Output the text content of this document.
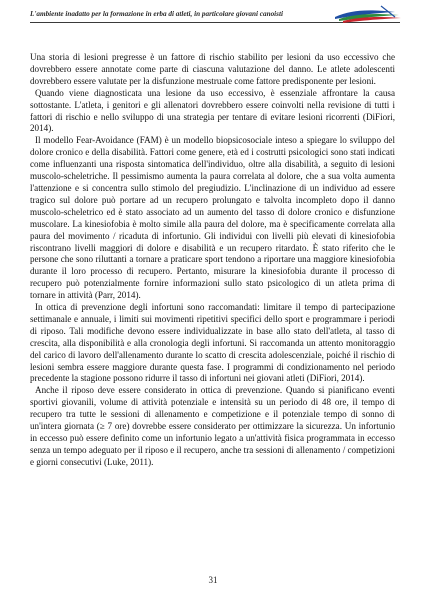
L'ambiente inadatto per la formazione in erba di atleti, in particolare giovani canoisti

Una storia di lesioni pregresse è un fattore di rischio stabilito per lesioni da uso eccessivo che dovrebbero essere annotate come parte di ciascuna valutazione del danno. Le atlete adolescenti dovrebbero essere valutate per la disfunzione mestruale come fattore predisponente per lesioni.

Quando viene diagnosticata una lesione da uso eccessivo, è essenziale affrontare la causa sottostante. L'atleta, i genitori e gli allenatori dovrebbero essere coinvolti nella revisione di tutti i fattori di rischio e nello sviluppo di una strategia per tentare di evitare lesioni ricorrenti (DiFiori, 2014).

Il modello Fear-Avoidance (FAM) è un modello biopsicosociale inteso a spiegare lo sviluppo del dolore cronico e della disabilità. Fattori come genere, età ed i costrutti psicologici sono stati indicati come influenzanti una risposta sintomatica dell'individuo, oltre alla disabilità, a seguito di lesioni muscolo-scheletriche. Il pessimismo aumenta la paura correlata al dolore, che a sua volta aumenta l'attenzione e si concentra sullo stimolo del pregiudizio. L'inclinazione di un individuo ad essere tragico sul dolore può portare ad un recupero prolungato e talvolta incompleto dopo il danno muscolo-scheletrico ed è stato associato ad un aumento del tasso di dolore cronico e disfunzione muscolare. La kinesiofobia è molto simile alla paura del dolore, ma è specificamente correlata alla paura del movimento / ricaduta di infortunio. Gli individui con livelli più elevati di kinesiofobia riscontrano livelli maggiori di dolore e disabilità e un recupero ritardato. È stato riferito che le persone che sono riluttanti a tornare a praticare sport tendono a riportare una maggiore kinesiofobia durante il loro processo di recupero. Pertanto, misurare la kinesiofobia durante il processo di recupero può potenzialmente fornire informazioni sullo stato psicologico di un atleta prima di tornare in attività (Parr, 2014).

In ottica di prevenzione degli infortuni sono raccomandati: limitare il tempo di partecipazione settimanale e annuale, i limiti sui movimenti ripetitivi specifici dello sport e programmare i periodi di riposo. Tali modifiche devono essere individualizzate in base allo stato dell'atleta, al tasso di crescita, alla disponibilità e alla cronologia degli infortuni. Si raccomanda un attento monitoraggio del carico di lavoro dell'allenamento durante lo scatto di crescita adolescenziale, poiché il rischio di lesioni sembra essere maggiore durante questa fase. I programmi di condizionamento nel periodo precedente la stagione possono ridurre il tasso di infortuni nei giovani atleti (DiFiori, 2014).

Anche il riposo deve essere considerato in ottica di prevenzione. Quando si pianificano eventi sportivi giovanili, volume di attività potenziale e intensità su un periodo di 48 ore, il tempo di recupero tra tutte le sessioni di allenamento e competizione e il potenziale tempo di sonno di un'intera giornata (≥ 7 ore) dovrebbe essere considerato per ottimizzare la sicurezza. Un infortunio in eccesso può essere definito come un infortunio legato a un'attività fisica programmata in eccesso senza un tempo adeguato per il riposo e il recupero, anche tra sessioni di allenamento / competizioni e giorni consecutivi (Luke, 2011).

31
